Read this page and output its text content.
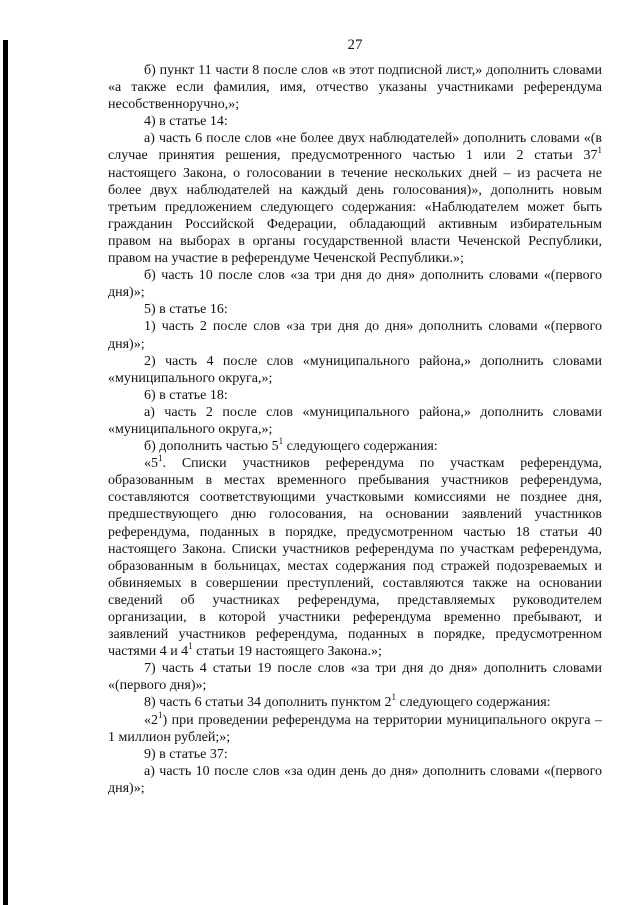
27

б) пункт 11 части 8 после слов «в этот подписной лист,» дополнить словами «а также если фамилия, имя, отчество указаны участниками референдума несобственноручно,»;

4) в статье 14:

а) часть 6 после слов «не более двух наблюдателей» дополнить словами «(в случае принятия решения, предусмотренного частью 1 или 2 статьи $37^1$ настоящего Закона, о голосовании в течение нескольких дней – из расчета не более двух наблюдателей на каждый день голосования)», дополнить новым третьим предложением следующего содержания: «Наблюдателем может быть гражданин Российской Федерации, обладающий активным избирательным правом на выборах в органы государственной власти Чеченской Республики, правом на участие в референдуме Чеченской Республики.»;

б) часть 10 после слов «за три дня до дня» дополнить словами «(первого дня)»;

5) в статье 16:

1) часть 2 после слов «за три дня до дня» дополнить словами «(первого дня)»;

2) часть 4 после слов «муниципального района,» дополнить словами «муниципального округа,»;

6) в статье 18:

а) часть 2 после слов «муниципального района,» дополнить словами «муниципального округа,»;

б) дополнить частью $5^1$ следующего содержания:

«$5^1$. Списки участников референдума по участкам референдума, образованным в местах временного пребывания участников референдума, составляются соответствующими участковыми комиссиями не позднее дня, предшествующего дню голосования, на основании заявлений участников референдума, поданных в порядке, предусмотренном частью 18 статьи 40 настоящего Закона. Списки участников референдума по участкам референдума, образованным в больницах, местах содержания под стражей подозреваемых и обвиняемых в совершении преступлений, составляются также на основании сведений об участниках референдума, представляемых руководителем организации, в которой участники референдума временно пребывают, и заявлений участников референдума, поданных в порядке, предусмотренном частями 4 и $4^1$ статьи 19 настоящего Закона.»;

7) часть 4 статьи 19 после слов «за три дня до дня» дополнить словами «(первого дня)»;

8) часть 6 статьи 34 дополнить пунктом $2^1$ следующего содержания:

«$2^1$) при проведении референдума на территории муниципального округа – 1 миллион рублей;»;

9) в статье 37:

а) часть 10 после слов «за один день до дня» дополнить словами «(первого дня)»;
